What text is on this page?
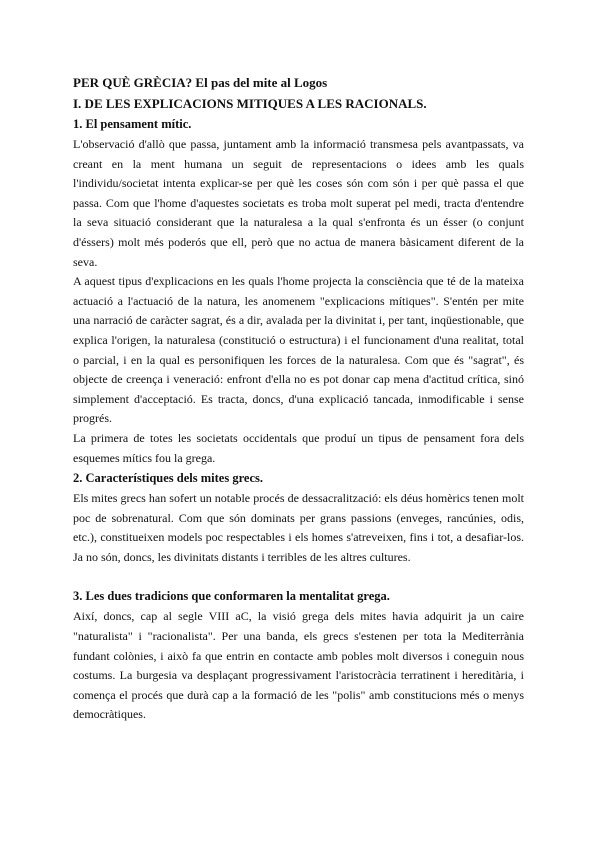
PER QUÈ GRÈCIA? El pas del mite al Logos
I. DE LES EXPLICACIONS MITIQUES A LES RACIONALS.
1. El pensament mític.

L'observació d'allò que passa, juntament amb la informació transmesa pels avantpassats, va creant en la ment humana un seguit de representacions o idees amb les quals l'individu/societat intenta explicar-se per què les coses són com són i per què passa el que passa. Com que l'home d'aquestes societats es troba molt superat pel medi, tracta d'entendre la seva situació considerant que la naturalesa a la qual s'enfronta és un ésser (o conjunt d'éssers) molt més poderós que ell, però que no actua de manera bàsicament diferent de la seva.

A aquest tipus d'explicacions en les quals l'home projecta la consciència que té de la mateixa actuació a l'actuació de la natura, les anomenem "explicacions mítiques". S'entén per mite una narració de caràcter sagrat, és a dir, avalada per la divinitat i, per tant, inqüestionable, que explica l'origen, la naturalesa (constitució o estructura) i el funcionament d'una realitat, total o parcial, i en la qual es personifiquen les forces de la naturalesa. Com que és "sagrat", és objecte de creença i veneració: enfront d'ella no es pot donar cap mena d'actitud crítica, sinó simplement d'acceptació. Es tracta, doncs, d'una explicació tancada, inmodificable i sense progrés.

La primera de totes les societats occidentals que produí un tipus de pensament fora dels esquemes mítics fou la grega.

2. Característiques dels mites grecs.

Els mites grecs han sofert un notable procés de dessacralització: els déus homèrics tenen molt poc de sobrenatural. Com que són dominats per grans passions (enveges, rancúnies, odis, etc.), constitueixen models poc respectables i els homes s'atreveixen, fins i tot, a desafiar-los. Ja no són, doncs, les divinitats distants i terribles de les altres cultures.

3. Les dues tradicions que conformaren la mentalitat grega.

Així, doncs, cap al segle VIII aC, la visió grega dels mites havia adquirit ja un caire "naturalista" i "racionalista". Per una banda, els grecs s'estenen per tota la Mediterrània fundant colònies, i això fa que entrin en contacte amb pobles molt diversos i coneguin nous costums. La burgesia va desplaçant progressivament l'aristocràcia terratinent i hereditària, i comença el procés que durà cap a la formació de les "polis" amb constitucions més o menys democràtiques.
